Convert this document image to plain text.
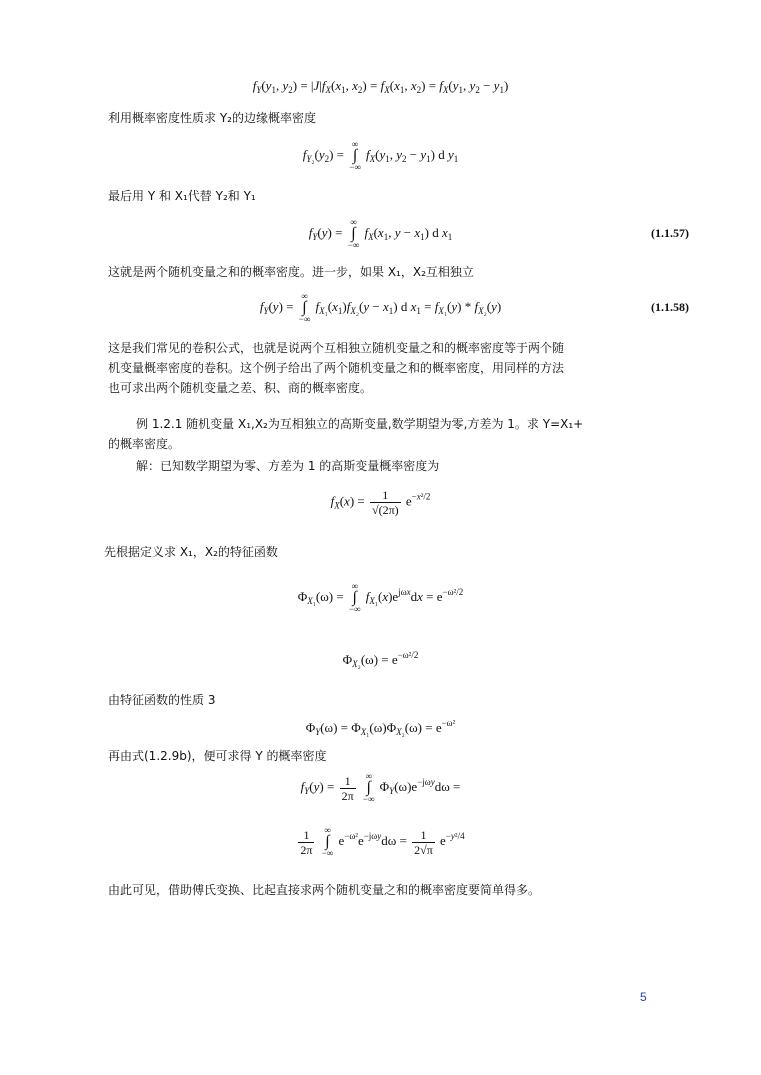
$f_Y(y_1$, $y_2) = |J|f_X(x_1$, $x_2) = f_X(x_1$, $x_2) = f_X(y_1$, $y_2 - y_1$)
利用概率密度性质求 Y₂的边缘概率密度
$f_{Y_2}(y_2)$ = ∞
∫
−∞ $f_X(y_1$, $y_2 - y_1$) d $y_1$
最后用 Y 和 X₁代替 Y₂和 Y₁
$f_Y(y)$ = ∞
∫
−∞ $f_X(x_1$, $y - x_1$) d $x_1$	(1.1.57)
这就是两个随机变量之和的概率密度。进一步，如果 X₁，X₂互相独立
$f_Y(y)$ = ∞
∫
−∞ $f_{X_1}(x_1)f_{X_2}(y - x_1)$ d $x_1 = f_{X_1}(y) * f_{X_2}(y)$	(1.1.58)
这是我们常见的卷积公式，也就是说两个互相独立随机变量之和的概率密度等于两个随
机变量概率密度的卷积。这个例子给出了两个随机变量之和的概率密度，用同样的方法
也可求出两个随机变量之差、积、商的概率密度。
例 1.2.1 随机变量 X₁,X₂为互相独立的高斯变量,数学期望为零,方差为 1。求 Y=X₁+
的概率密度。
解：已知数学期望为零、方差为 1 的高斯变量概率密度为
$f_X(x) = \frac{1}{√(2\pi)} e^{-x^2/2}$
先根据定义求 X₁，X₂的特征函数
$\Phi_{X_1}(\omega)$ = ∞
∫
−∞ $f_{X_1}(x)e^{j\omega x}dx = e^{-\omega^2/2}$
$\Phi_{X_2}(\omega) = e^{-\omega^2/2}$
由特征函数的性质 3
$\Phi_Y(\omega) = \Phi_{X_1}(\omega)\Phi_{X_2}(\omega) = e^{-\omega^2}$
再由式(1.2.9b)，便可求得 Y 的概率密度
$f_Y(y) = \frac{1}{2\pi}$ ∞
∫
−∞ $\Phi_Y(\omega)e^{-j\omega y}d\omega$ =
$\frac{1}{2\pi}$ ∞
∫
−∞ $e^{-\omega^2}e^{-j\omega y}d\omega = \frac{1}{2√\pi} e^{-y^2/4}$
由此可见，借助傅氏变换、比起直接求两个随机变量之和的概率密度要简单得多。
5
